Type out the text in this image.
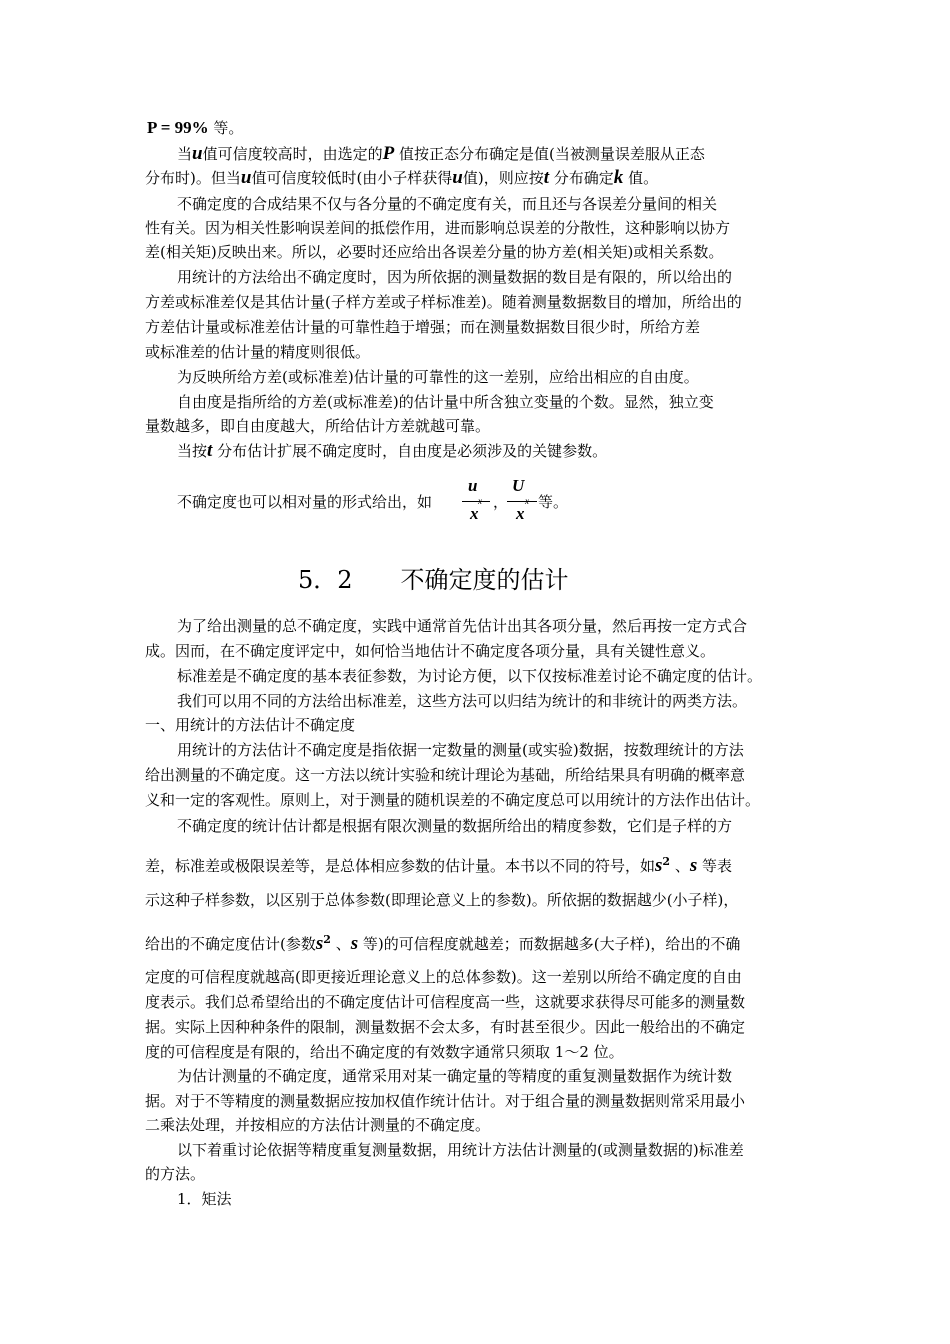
P = 99% 等。
当u值可信度较高时，由选定的P 值按正态分布确定是值(当被测量误差服从正态
分布时)。但当u值可信度较低时(由小子样获得u值)，则应按t 分布确定k 值。
不确定度的合成结果不仅与各分量的不确定度有关，而且还与各误差分量间的相关
性有关。因为相关性影响误差间的抵偿作用，进而影响总误差的分散性，这种影响以协方
差(相关矩)反映出来。所以，必要时还应给出各误差分量的协方差(相关矩)或相关系数。
用统计的方法给出不确定度时，因为所依据的测量数据的数目是有限的，所以给出的
方差或标准差仅是其估计量(子样方差或子样标准差)。随着测量数据数目的增加，所给出的
方差估计量或标准差估计量的可靠性趋于增强；而在测量数据数目很少时，所给方差
或标准差的估计量的精度则很低。
为反映所给方差(或标准差)估计量的可靠性的这一差别，应给出相应的自由度。
自由度是指所给的方差(或标准差)的估计量中所含独立变量的个数。显然，独立变
量数越多，即自由度越大，所给估计方差就越可靠。
当按t 分布估计扩展不确定度时，自由度是必须涉及的关键参数。
不确定度也可以相对量的形式给出，如
u
x
x
，
U
x
x
等。
5．2 不确定度的估计
为了给出测量的总不确定度，实践中通常首先估计出其各项分量，然后再按一定方式合
成。因而，在不确定度评定中，如何恰当地估计不确定度各项分量，具有关键性意义。
标准差是不确定度的基本表征参数，为讨论方便，以下仅按标准差讨论不确定度的估计。
我们可以用不同的方法给出标准差，这些方法可以归结为统计的和非统计的两类方法。
一、用统计的方法估计不确定度
用统计的方法估计不确定度是指依据一定数量的测量(或实验)数据，按数理统计的方法
给出测量的不确定度。这一方法以统计实验和统计理论为基础，所给结果具有明确的概率意
义和一定的客观性。原则上，对于测量的随机误差的不确定度总可以用统计的方法作出估计。
不确定度的统计估计都是根据有限次测量的数据所给出的精度参数，它们是子样的方
差，标准差或极限误差等，是总体相应参数的估计量。本书以不同的符号，如$s^2$ 、s 等表
示这种子样参数，以区别于总体参数(即理论意义上的参数)。所依据的数据越少(小子样)，
给出的不确定度估计(参数$s^2$ 、s 等)的可信程度就越差；而数据越多(大子样)，给出的不确
定度的可信程度就越高(即更接近理论意义上的总体参数)。这一差别以所给不确定度的自由
度表示。我们总希望给出的不确定度估计可信程度高一些，这就要求获得尽可能多的测量数
据。实际上因种种条件的限制，测量数据不会太多，有时甚至很少。因此一般给出的不确定
度的可信程度是有限的，给出不确定度的有效数字通常只须取 1～2 位。
为估计测量的不确定度，通常采用对某一确定量的等精度的重复测量数据作为统计数
据。对于不等精度的测量数据应按加权值作统计估计。对于组合量的测量数据则常采用最小
二乘法处理，并按相应的方法估计测量的不确定度。
以下着重讨论依据等精度重复测量数据，用统计方法估计测量的(或测量数据的)标准差
的方法。
1．矩法
